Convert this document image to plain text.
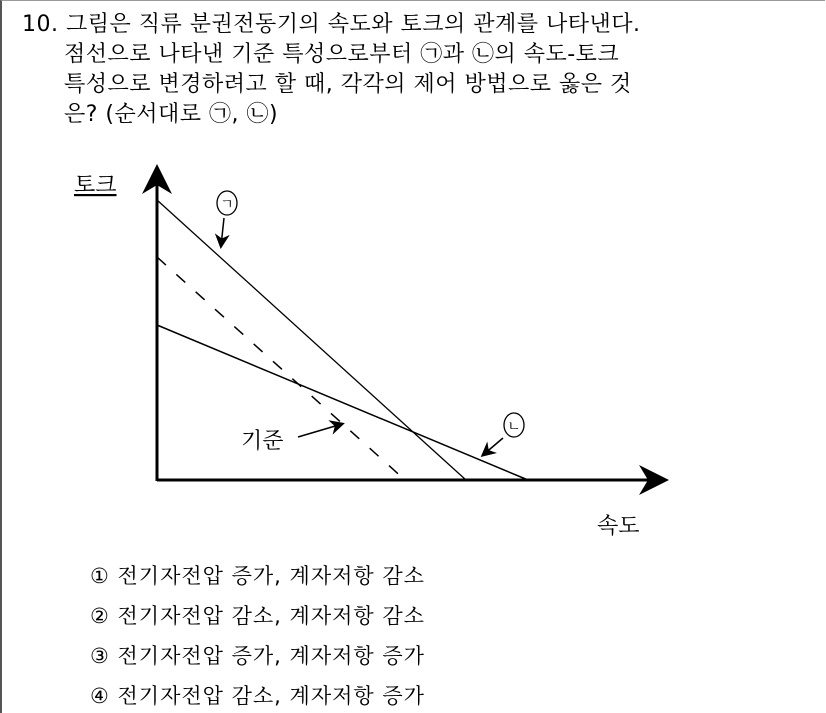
10. 그림은 직류 분권전동기의 속도와 토크의 관계를 나타낸다.
점선으로 나타낸 기준 특성으로부터 ㉠과 ㉡의 속도-토크
특성으로 변경하려고 할 때, 각각의 제어 방법으로 옳은 것
은? (순서대로 ㉠, ㉡)
토크
속도
ㄱ
ㄴ
기준
① 전기자전압 증가, 계자저항 감소
② 전기자전압 감소, 계자저항 감소
③ 전기자전압 증가, 계자저항 증가
④ 전기자전압 감소, 계자저항 증가
